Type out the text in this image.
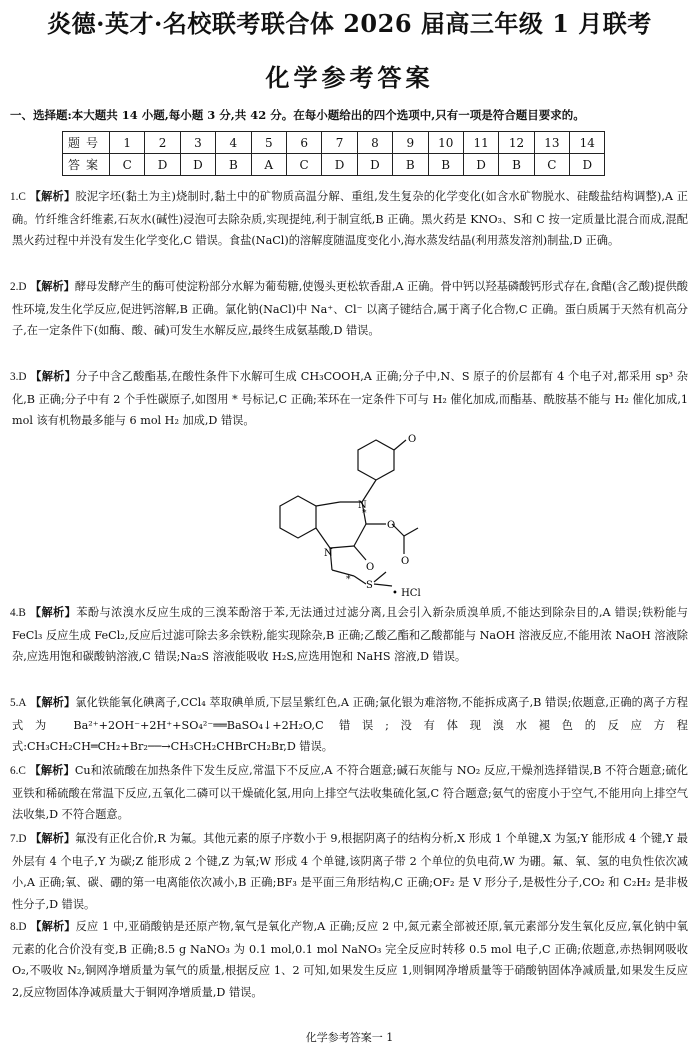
炎德·英才·名校联考联合体 2026 届高三年级 1 月联考
化学参考答案
一、选择题:本大题共 14 小题,每小题 3 分,共 42 分。在每小题给出的四个选项中,只有一项是符合题目要求的。
题号	1	2	3	4	5	6	7	8	9	10	11	12	13	14
答案	C	D	D	B	A	C	D	D	B	B	D	B	C	D
1.C 【解析】胶泥字坯(黏土为主)烧制时,黏土中的矿物质高温分解、重组,发生复杂的化学变化(如含水矿物脱水、硅酸盐结构调整),A 正确。竹纤维含纤维素,石灰水(碱性)浸泡可去除杂质,实现提纯,利于制宣纸,B 正确。黑火药是 KNO₃、S和 C 按一定质量比混合而成,混配黑火药过程中并没有发生化学变化,C 错误。食盐(NaCl)的溶解度随温度变化小,海水蒸发结晶(利用蒸发溶剂)制盐,D 正确。
2.D 【解析】酵母发酵产生的酶可使淀粉部分水解为葡萄糖,使馒头更松软香甜,A 正确。骨中钙以羟基磷酸钙形式存在,食醋(含乙酸)提供酸性环境,发生化学反应,促进钙溶解,B 正确。氯化钠(NaCl)中 Na⁺、Cl⁻ 以离子键结合,属于离子化合物,C 正确。蛋白质属于天然有机高分子,在一定条件下(如酶、酸、碱)可发生水解反应,最终生成氨基酸,D 错误。
3.D 【解析】分子中含乙酸酯基,在酸性条件下水解可生成 CH₃COOH,A 正确;分子中,N、S 原子的价层都有 4 个电子对,都采用 sp³ 杂化,B 正确;分子中有 2 个手性碳原子,如图用 * 号标记,C 正确;苯环在一定条件下可与 H₂ 催化加成,而酯基、酰胺基不能与 H₂ 催化加成,1 mol 该有机物最多能与 6 mol H₂ 加成,D 错误。
O
N
*
O
O
O
N
S
*
• HCl
4.B 【解析】苯酚与浓溴水反应生成的三溴苯酚溶于苯,无法通过过滤分离,且会引入新杂质溴单质,不能达到除杂目的,A 错误;铁粉能与 FeCl₃ 反应生成 FeCl₂,反应后过滤可除去多余铁粉,能实现除杂,B 正确;乙酸乙酯和乙酸都能与 NaOH 溶液反应,不能用浓 NaOH 溶液除杂,应选用饱和碳酸钠溶液,C 错误;Na₂S 溶液能吸收 H₂S,应选用饱和 NaHS 溶液,D 错误。
5.A 【解析】氯化铁能氧化碘离子,CCl₄ 萃取碘单质,下层呈紫红色,A 正确;氯化银为难溶物,不能拆成离子,B 错误;依题意,正确的离子方程式为 Ba²⁺+2OH⁻+2H⁺+SO₄²⁻══BaSO₄↓+2H₂O,C 错误;没有体现溴水褪色的反应方程式:CH₃CH₂CH═CH₂+Br₂──→CH₃CH₂CHBrCH₂Br,D 错误。
6.C 【解析】Cu和浓硫酸在加热条件下发生反应,常温下不反应,A 不符合题意;碱石灰能与 NO₂ 反应,干燥剂选择错误,B 不符合题意;硫化亚铁和稀硫酸在常温下反应,五氧化二磷可以干燥硫化氢,用向上排空气法收集硫化氢,C 符合题意;氨气的密度小于空气,不能用向上排空气法收集,D 不符合题意。
7.D 【解析】氟没有正化合价,R 为氟。其他元素的原子序数小于 9,根据阴离子的结构分析,X 形成 1 个单键,X 为氢;Y 能形成 4 个键,Y 最外层有 4 个电子,Y 为碳;Z 能形成 2 个键,Z 为氧;W 形成 4 个单键,该阴离子带 2 个单位的负电荷,W 为硼。氟、氧、氢的电负性依次减小,A 正确;氧、碳、硼的第一电离能依次减小,B 正确;BF₃ 是平面三角形结构,C 正确;OF₂ 是 V 形分子,是极性分子,CO₂ 和 C₂H₂ 是非极性分子,D 错误。
8.D 【解析】反应 1 中,亚硝酸钠是还原产物,氧气是氧化产物,A 正确;反应 2 中,氮元素全部被还原,氧元素部分发生氧化反应,氧化钠中氧元素的化合价没有变,B 正确;8.5 g NaNO₃ 为 0.1 mol,0.1 mol NaNO₃ 完全反应时转移 0.5 mol 电子,C 正确;依题意,赤热铜网吸收 O₂,不吸收 N₂,铜网净增质量为氧气的质量,根据反应 1、2 可知,如果发生反应 1,则铜网净增质量等于硝酸钠固体净减质量,如果发生反应 2,反应物固体净减质量大于铜网净增质量,D 错误。
化学参考答案一 1
